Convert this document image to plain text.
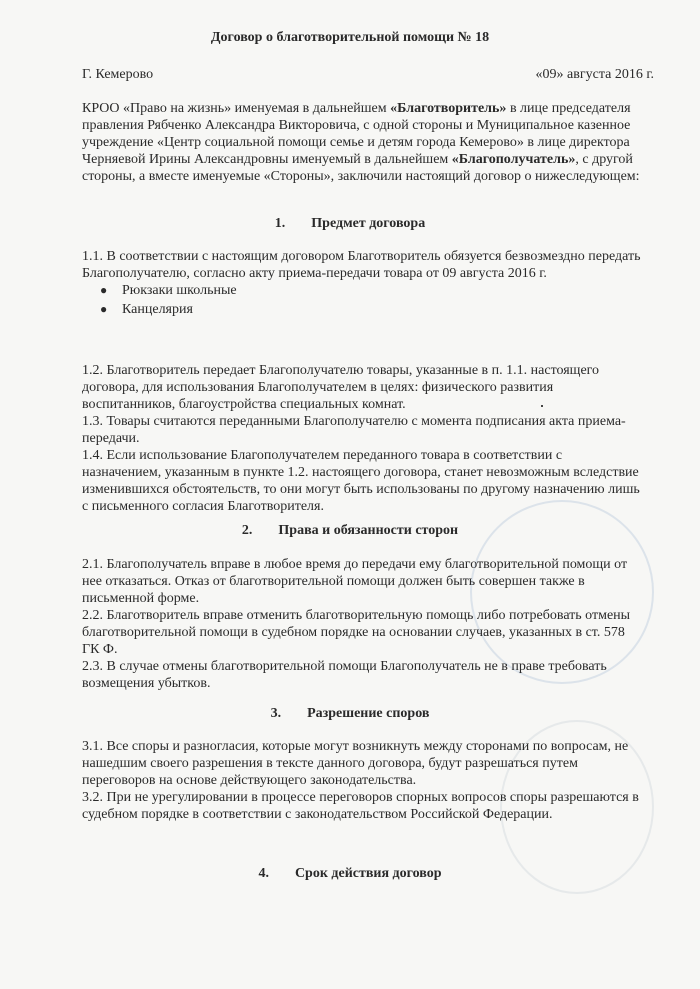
Договор о благотворительной помощи № 18
Г. Кемерово	«09» августа 2016 г.
КРОО «Право на жизнь» именуемая в дальнейшем «Благотворитель» в лице председателя правления Рябченко Александра Викторовича, с одной стороны и Муниципальное казенное учреждение «Центр социальной помощи семье и детям города Кемерово» в лице директора Черняевой Ирины Александровны именуемый в дальнейшем «Благополучатель», с другой стороны, а вместе именуемые «Стороны», заключили настоящий договор о нижеследующем:
1. Предмет договора
1.1. В соответствии с настоящим договором Благотворитель обязуется безвозмездно передать Благополучателю, согласно акту приема-передачи товара от 09 августа 2016 г.
●	Рюкзаки школьные
●	Канцелярия
1.2. Благотворитель передает Благополучателю товары, указанные в п. 1.1. настоящего договора, для использования Благополучателем в целях: физического развития воспитанников, благоустройства специальных комнат.
1.3. Товары считаются переданными Благополучателю с момента подписания акта приема-передачи.
1.4. Если использование Благополучателем переданного товара в соответствии с назначением, указанным в пункте 1.2. настоящего договора, станет невозможным вследствие изменившихся обстоятельств, то они могут быть использованы по другому назначению лишь с письменного согласия Благотворителя.
2. Права и обязанности сторон
2.1. Благополучатель вправе в любое время до передачи ему благотворительной помощи от нее отказаться. Отказ от благотворительной помощи должен быть совершен также в письменной форме.
2.2. Благотворитель вправе отменить благотворительную помощь либо потребовать отмены благотворительной помощи в судебном порядке на основании случаев, указанных в ст. 578 ГК Ф.
2.3. В случае отмены благотворительной помощи Благополучатель не в праве требовать возмещения убытков.
3. Разрешение споров
3.1. Все споры и разногласия, которые могут возникнуть между сторонами по вопросам, не нашедшим своего разрешения в тексте данного договора, будут разрешаться путем переговоров на основе действующего законодательства.
3.2. При не урегулировании в процессе переговоров спорных вопросов споры разрешаются в судебном порядке в соответствии с законодательством Российской Федерации.
4. Срок действия договор
